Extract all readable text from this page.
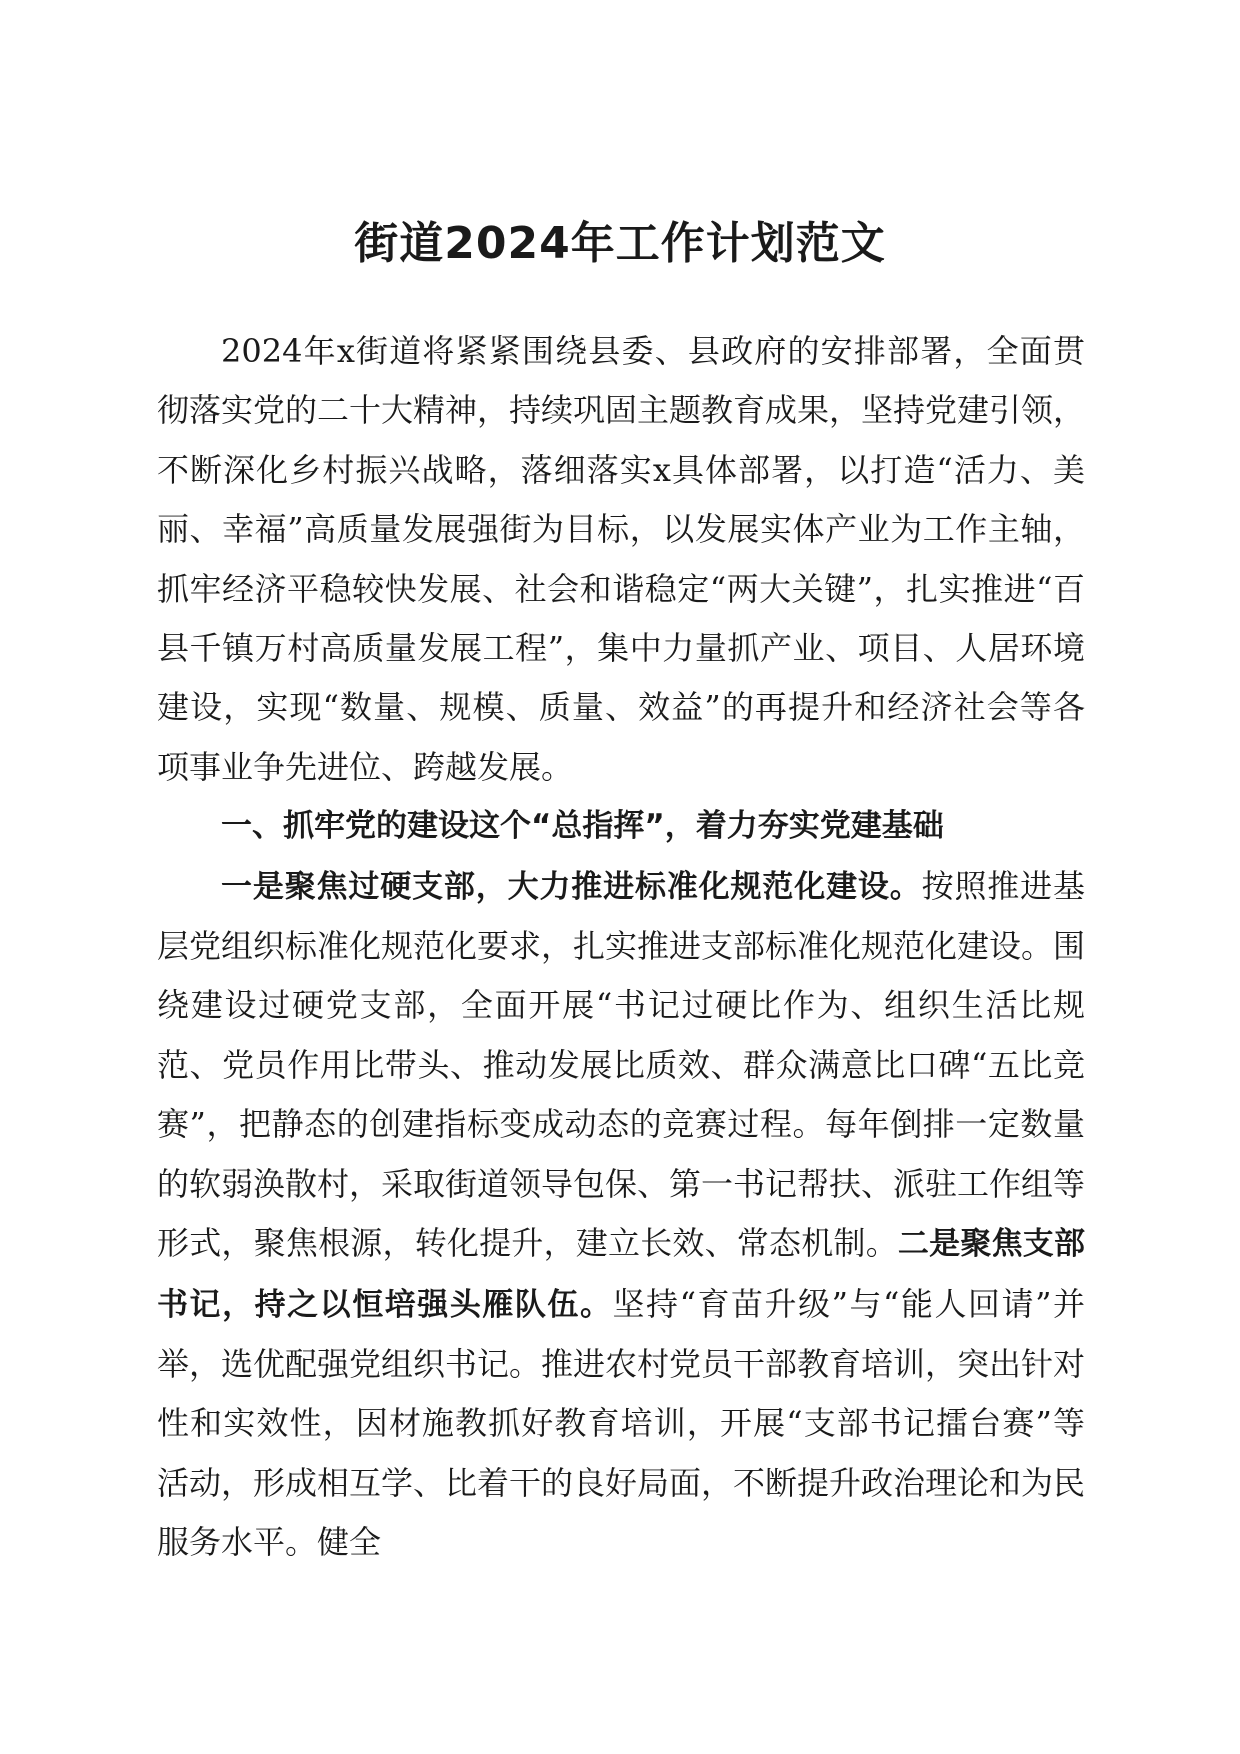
街道2024年工作计划范文

2024年x街道将紧紧围绕县委、县政府的安排部署，全面贯彻落实党的二十大精神，持续巩固主题教育成果，坚持党建引领，不断深化乡村振兴战略，落细落实x具体部署，以打造“活力、美丽、幸福”高质量发展强街为目标，以发展实体产业为工作主轴，抓牢经济平稳较快发展、社会和谐稳定“两大关键”，扎实推进“百县千镇万村高质量发展工程”，集中力量抓产业、项目、人居环境建设，实现“数量、规模、质量、效益”的再提升和经济社会等各项事业争先进位、跨越发展。

一、抓牢党的建设这个“总指挥”，着力夯实党建基础

一是聚焦过硬支部，大力推进标准化规范化建设。按照推进基层党组织标准化规范化要求，扎实推进支部标准化规范化建设。围绕建设过硬党支部，全面开展“书记过硬比作为、组织生活比规范、党员作用比带头、推动发展比质效、群众满意比口碑“五比竞赛”，把静态的创建指标变成动态的竞赛过程。每年倒排一定数量的软弱涣散村，采取街道领导包保、第一书记帮扶、派驻工作组等形式，聚焦根源，转化提升，建立长效、常态机制。二是聚焦支部书记，持之以恒培强头雁队伍。坚持“育苗升级”与“能人回请”并举，选优配强党组织书记。推进农村党员干部教育培训，突出针对性和实效性，因材施教抓好教育培训，开展“支部书记擂台赛”等活动，形成相互学、比着干的良好局面，不断提升政治理论和为民服务水平。健全
